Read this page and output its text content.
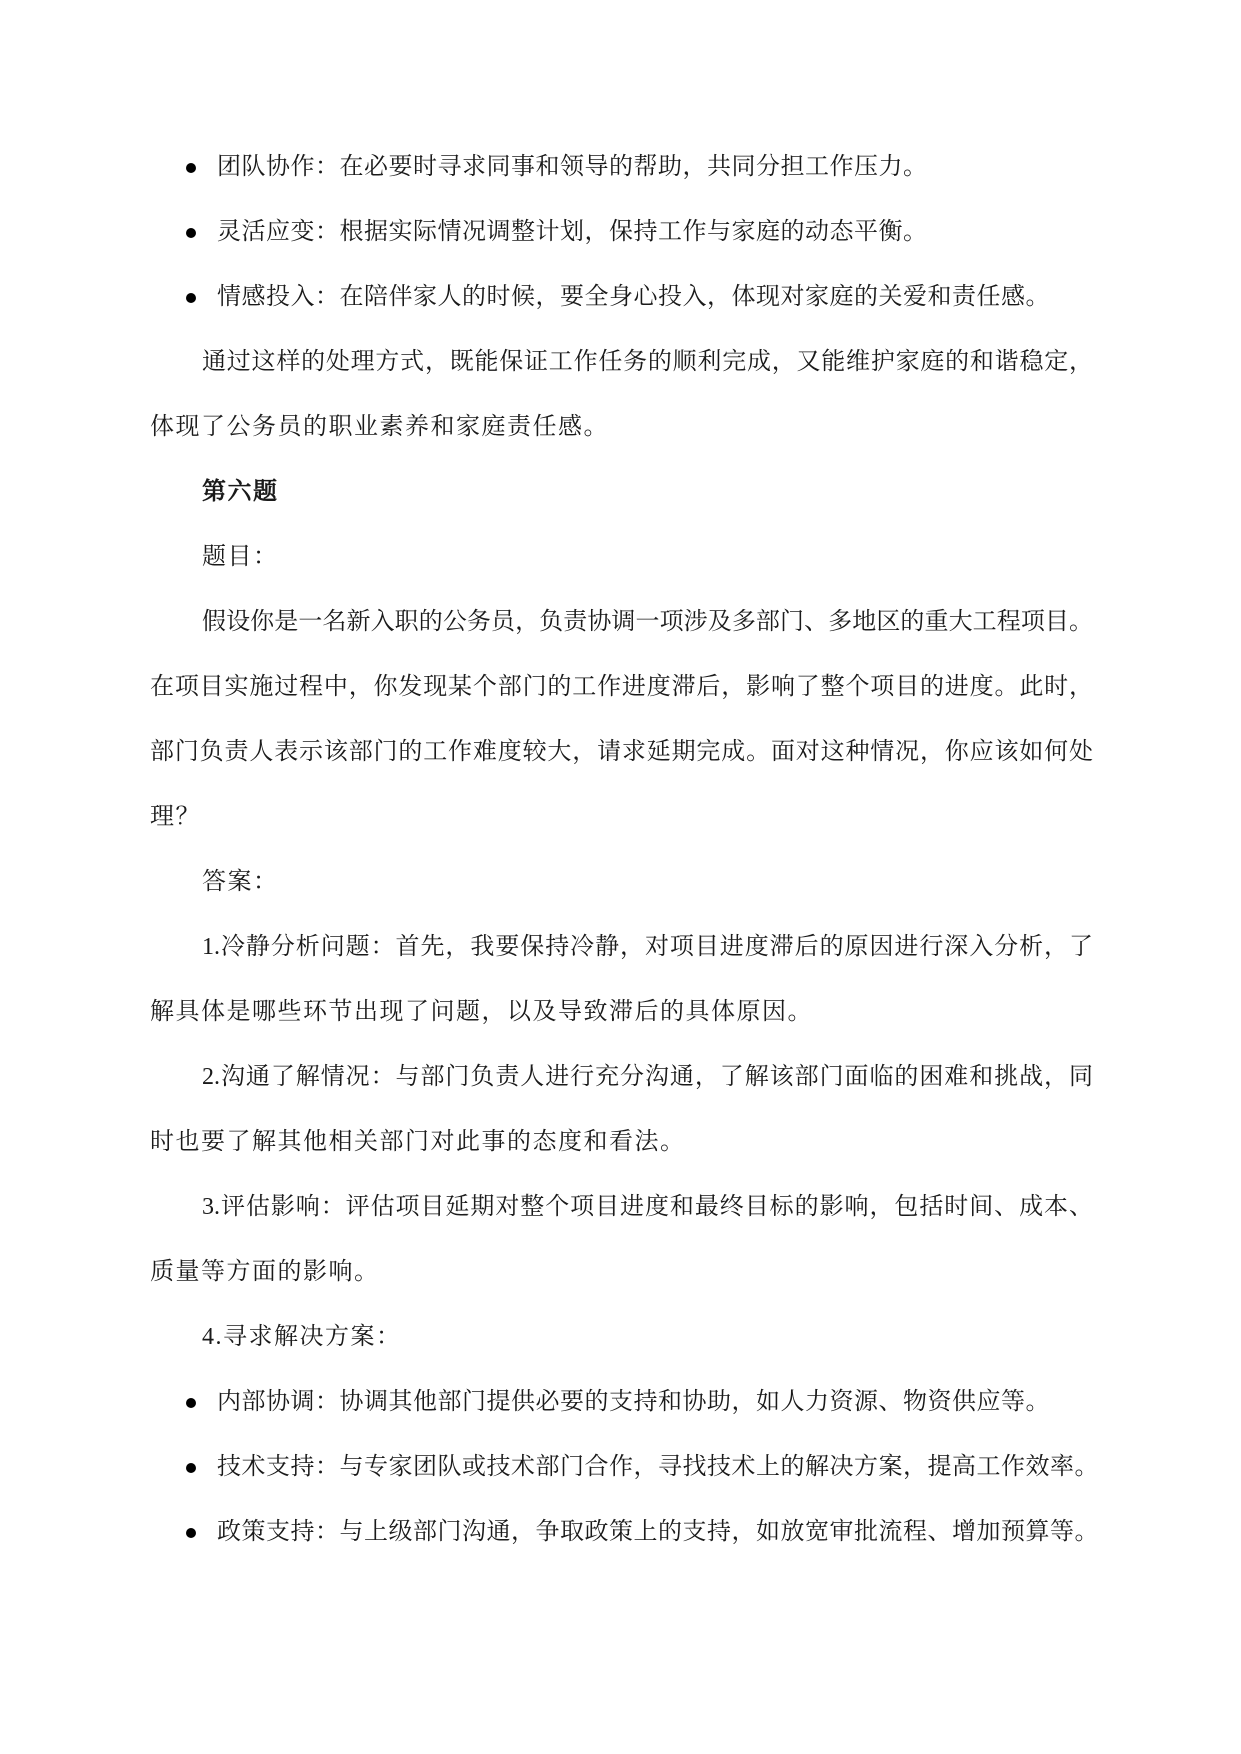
团队协作：在必要时寻求同事和领导的帮助，共同分担工作压力。
灵活应变：根据实际情况调整计划，保持工作与家庭的动态平衡。
情感投入：在陪伴家人的时候，要全身心投入，体现对家庭的关爱和责任感。
通过这样的处理方式，既能保证工作任务的顺利完成，又能维护家庭的和谐稳定，
体现了公务员的职业素养和家庭责任感。
第六题
题目：
假设你是一名新入职的公务员，负责协调一项涉及多部门、多地区的重大工程项目。
在项目实施过程中，你发现某个部门的工作进度滞后，影响了整个项目的进度。此时，
部门负责人表示该部门的工作难度较大，请求延期完成。面对这种情况，你应该如何处
理？
答案：
1.冷静分析问题：首先，我要保持冷静，对项目进度滞后的原因进行深入分析，了
解具体是哪些环节出现了问题，以及导致滞后的具体原因。
2.沟通了解情况：与部门负责人进行充分沟通，了解该部门面临的困难和挑战，同
时也要了解其他相关部门对此事的态度和看法。
3.评估影响：评估项目延期对整个项目进度和最终目标的影响，包括时间、成本、
质量等方面的影响。
4.寻求解决方案：
内部协调：协调其他部门提供必要的支持和协助，如人力资源、物资供应等。
技术支持：与专家团队或技术部门合作，寻找技术上的解决方案，提高工作效率。
政策支持：与上级部门沟通，争取政策上的支持，如放宽审批流程、增加预算等。
